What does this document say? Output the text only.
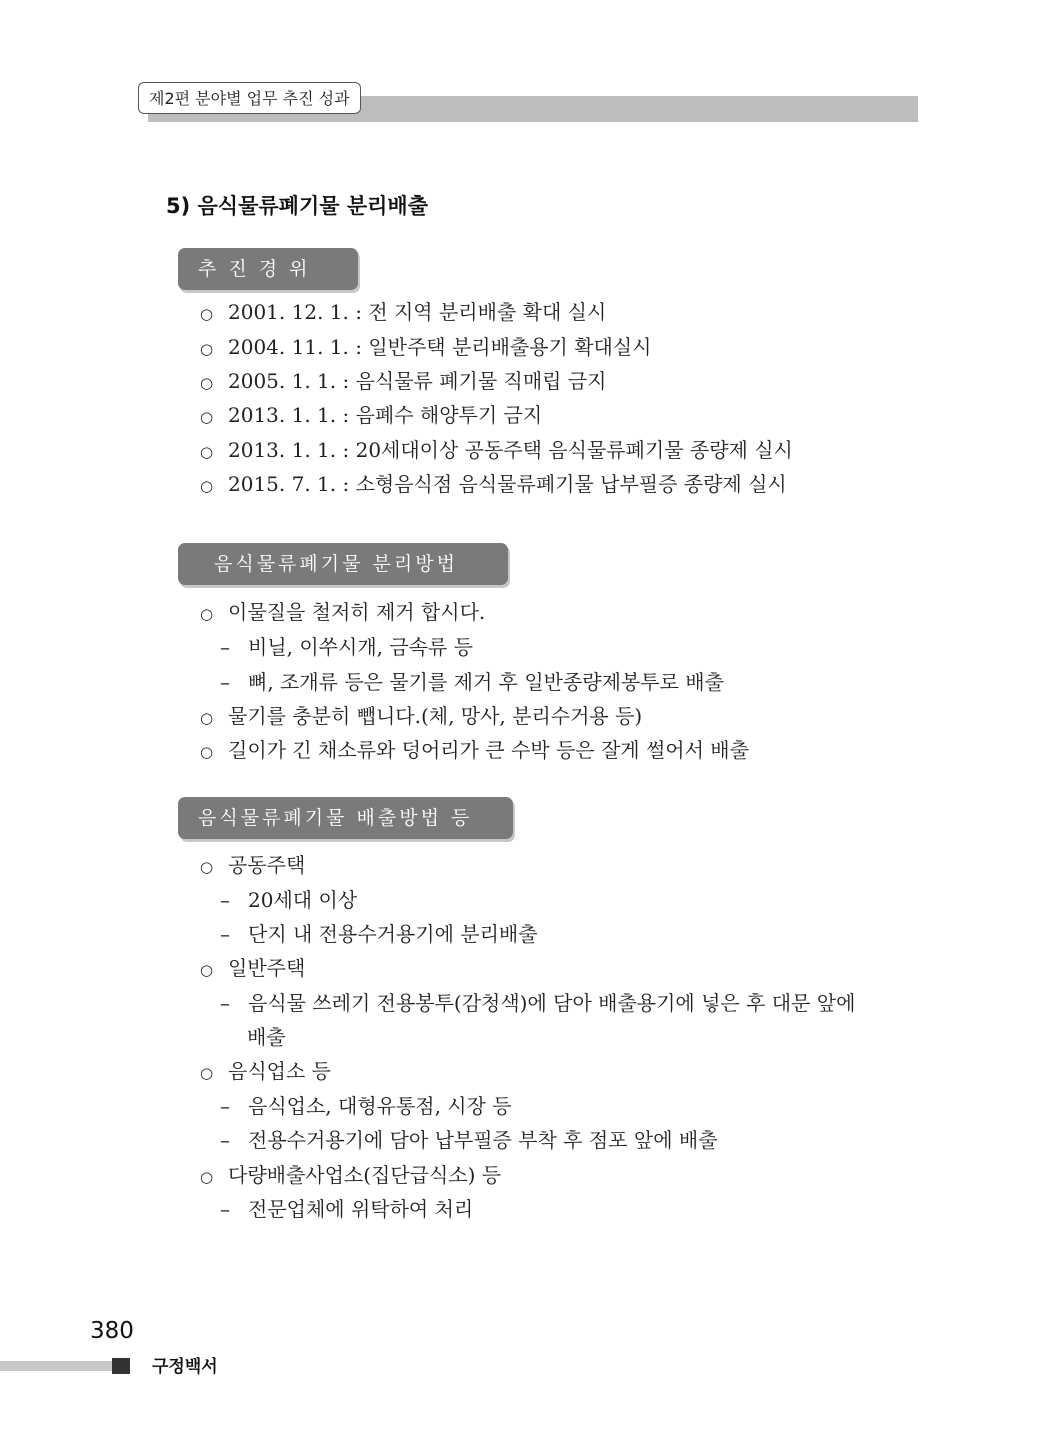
제2편 분야별 업무 추진 성과
5) 음식물류폐기물 분리배출
추 진 경 위
○ 2001. 12. 1. : 전 지역 분리배출 확대 실시
○ 2004. 11. 1. : 일반주택 분리배출용기 확대실시
○ 2005. 1. 1. : 음식물류 폐기물 직매립 금지
○ 2013. 1. 1. : 음폐수 해양투기 금지
○ 2013. 1. 1. : 20세대이상 공동주택 음식물류폐기물 종량제 실시
○ 2015. 7. 1. : 소형음식점 음식물류폐기물 납부필증 종량제 실시
음식물류폐기물 분리방법
○ 이물질을 철저히 제거 합시다.
– 비닐, 이쑤시개, 금속류 등
– 뼈, 조개류 등은 물기를 제거 후 일반종량제봉투로 배출
○ 물기를 충분히 뺍니다.(체, 망사, 분리수거용 등)
○ 길이가 긴 채소류와 덩어리가 큰 수박 등은 잘게 썰어서 배출
음식물류폐기물 배출방법 등
○ 공동주택
– 20세대 이상
– 단지 내 전용수거용기에 분리배출
○ 일반주택
– 음식물 쓰레기 전용봉투(감청색)에 담아 배출용기에 넣은 후 대문 앞에
배출
○ 음식업소 등
– 음식업소, 대형유통점, 시장 등
– 전용수거용기에 담아 납부필증 부착 후 점포 앞에 배출
○ 다량배출사업소(집단급식소) 등
– 전문업체에 위탁하여 처리
380
구정백서
